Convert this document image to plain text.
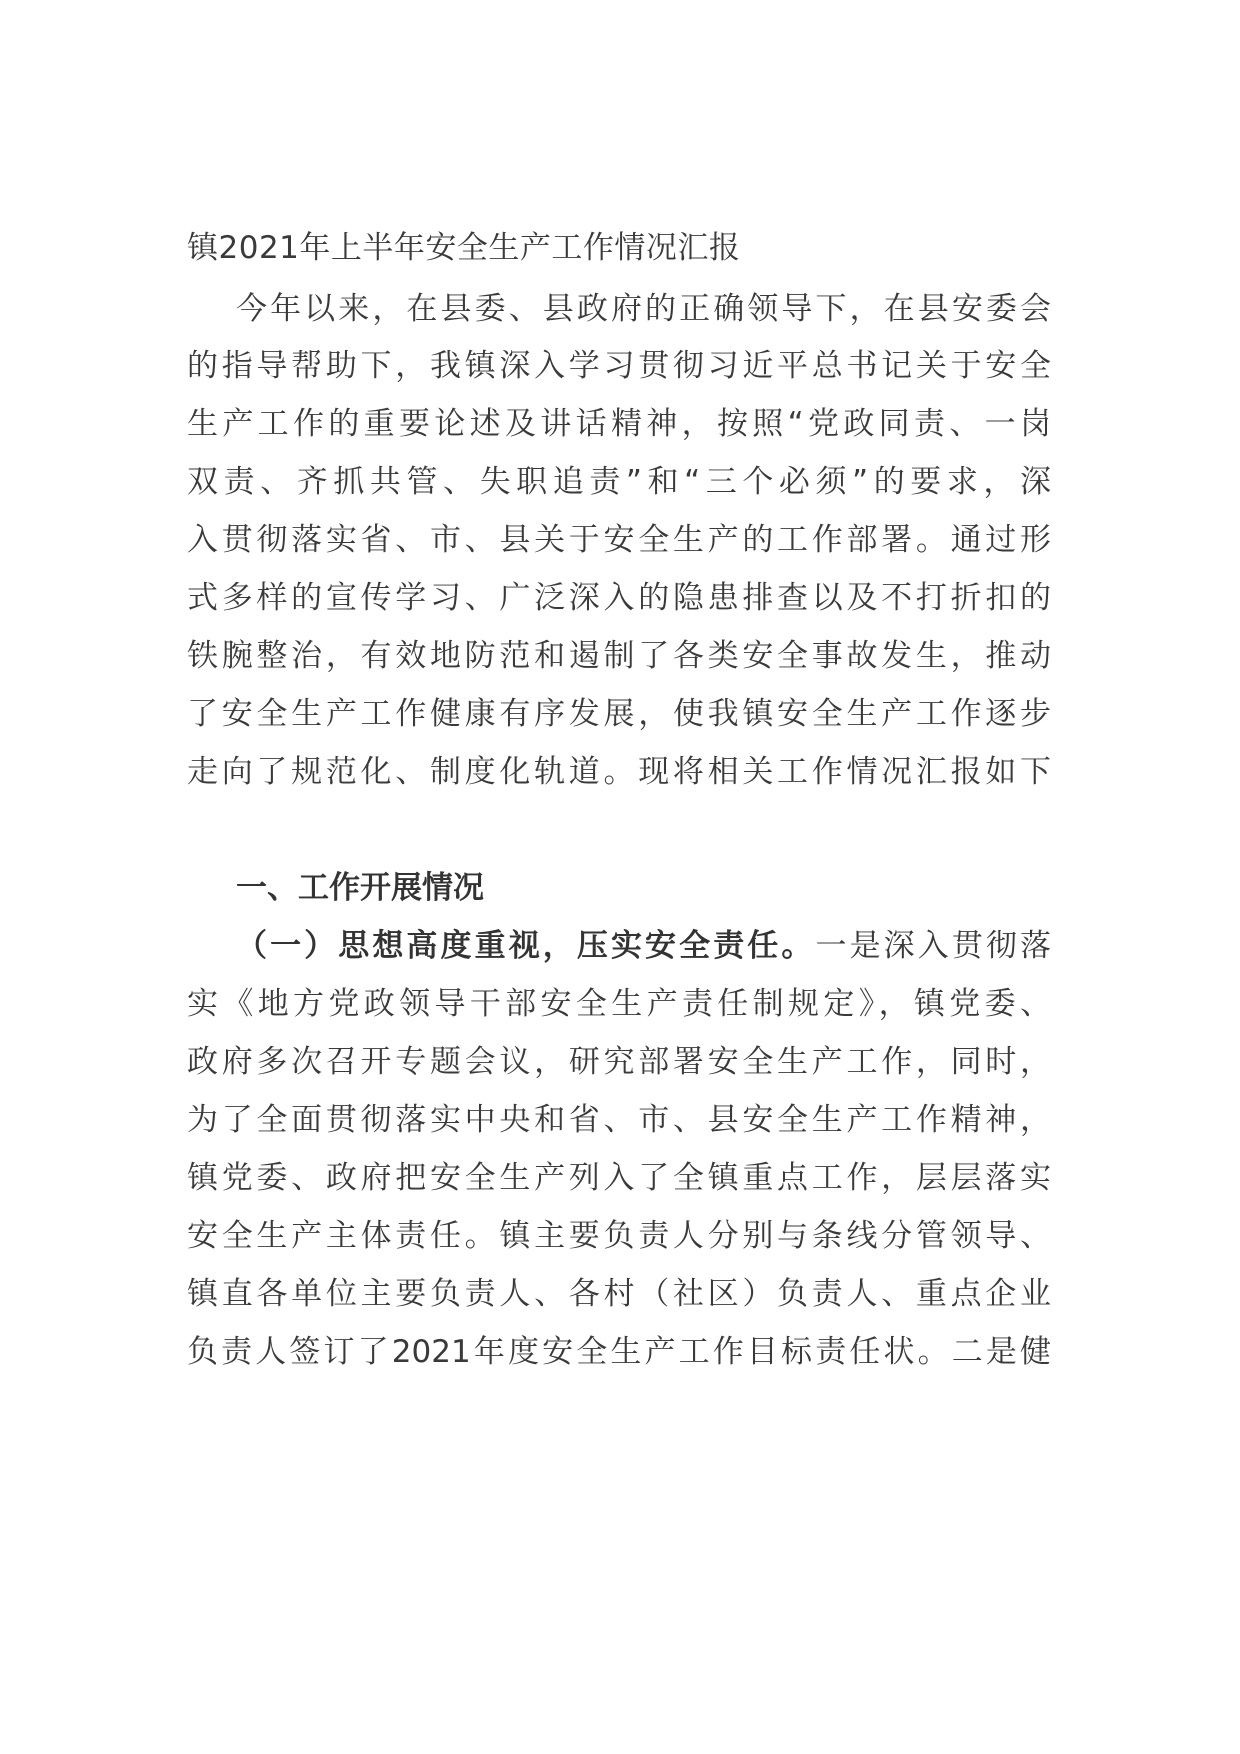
镇2021年上半年安全生产工作情况汇报
今年以来，在县委、县政府的正确领导下，在县安委会
的指导帮助下，我镇深入学习贯彻习近平总书记关于安全
生产工作的重要论述及讲话精神，按照“党政同责、一岗
双责、齐抓共管、失职追责”和“三个必须”的要求，深
入贯彻落实省、市、县关于安全生产的工作部署。通过形
式多样的宣传学习、广泛深入的隐患排查以及不打折扣的
铁腕整治，有效地防范和遏制了各类安全事故发生，推动
了安全生产工作健康有序发展，使我镇安全生产工作逐步
走向了规范化、制度化轨道。现将相关工作情况汇报如下
一、工作开展情况
（一）思想高度重视，压实安全责任。一是深入贯彻落
实《地方党政领导干部安全生产责任制规定》，镇党委、
政府多次召开专题会议，研究部署安全生产工作，同时，
为了全面贯彻落实中央和省、市、县安全生产工作精神，
镇党委、政府把安全生产列入了全镇重点工作，层层落实
安全生产主体责任。镇主要负责人分别与条线分管领导、
镇直各单位主要负责人、各村（社区）负责人、重点企业
负责人签订了2021年度安全生产工作目标责任状。二是健
